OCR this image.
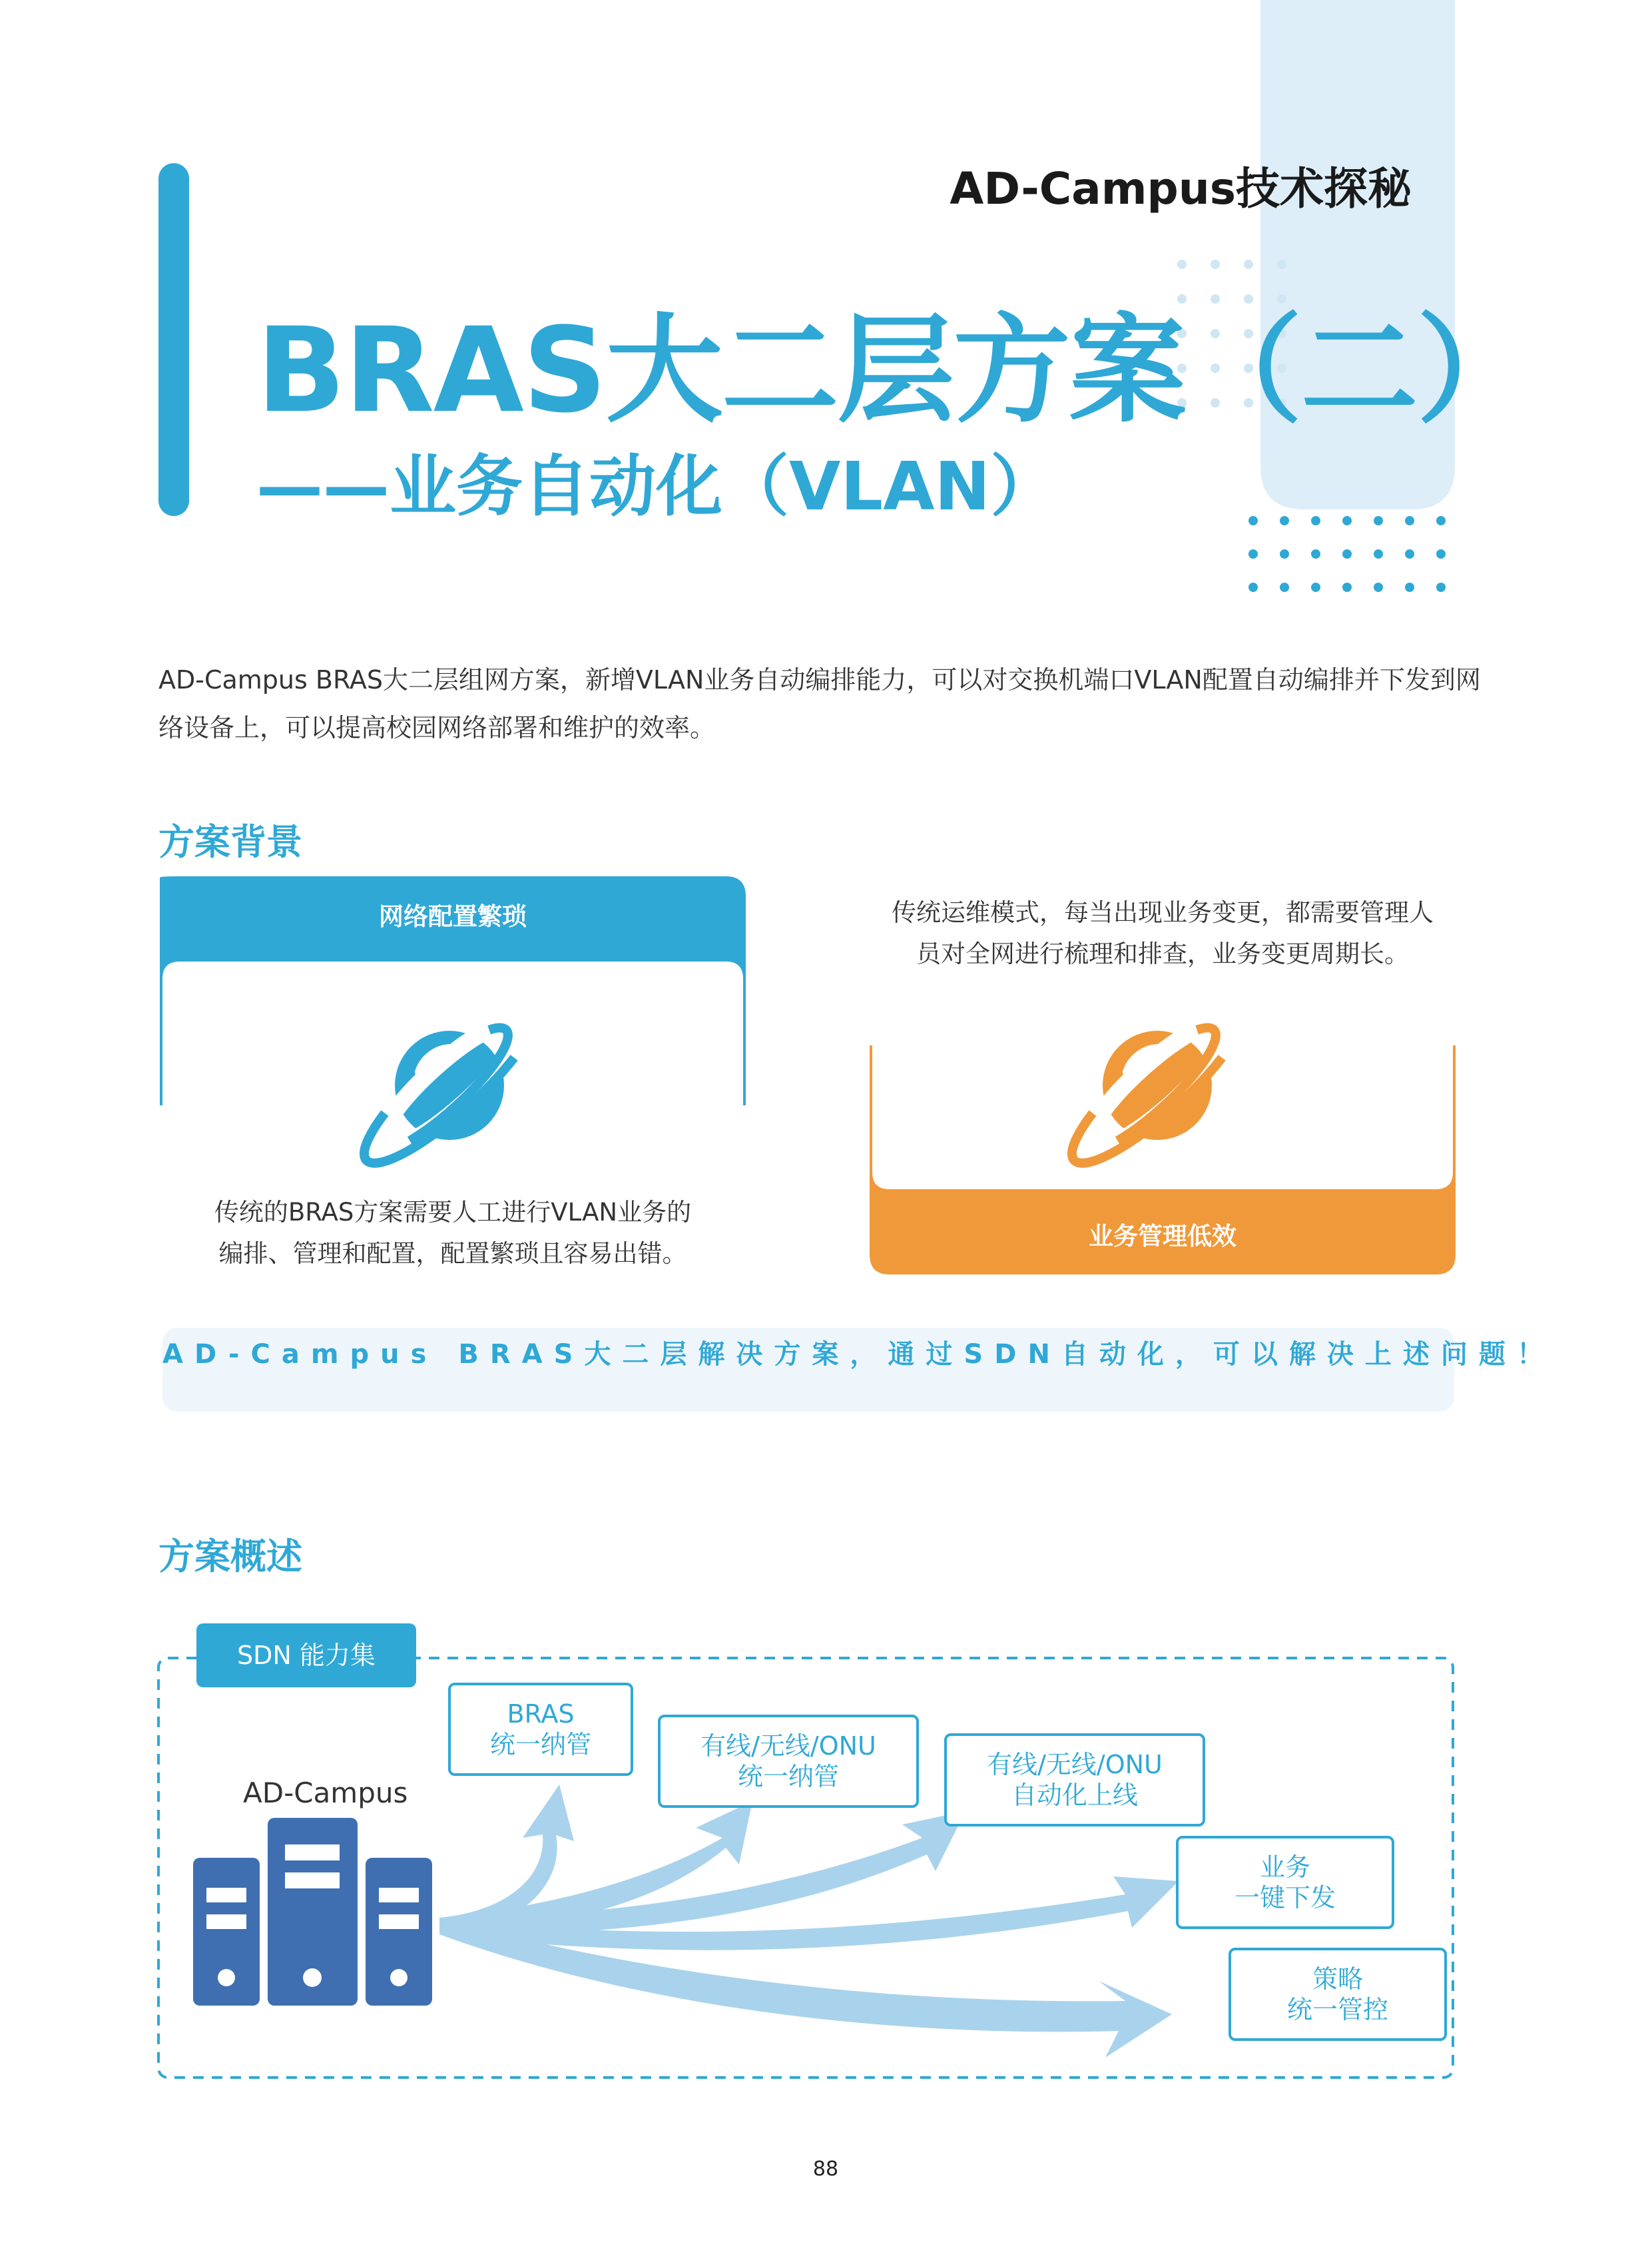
AD-Campus技术探秘
BRAS大二层方案（二）
——业务自动化（VLAN）
AD-Campus BRAS大二层组网方案，新增VLAN业务自动编排能力，可以对交换机端口VLAN配置自动编排并下发到网络设备上，可以提高校园网络部署和维护的效率。
方案背景
网络配置繁琐
传统的BRAS方案需要人工进行VLAN业务的
编排、管理和配置，配置繁琐且容易出错。
传统运维模式，每当出现业务变更，都需要管理人
员对全网进行梳理和排查，业务变更周期长。
业务管理低效
AD-Campus BRAS大二层解决方案，通过SDN自动化，可以解决上述问题！
方案概述
SDN 能力集
AD-Campus
BRAS
统一纳管	有线/无线/ONU
统一纳管	有线/无线/ONU
自动化上线
业务
一键下发
策略
统一管控
88
